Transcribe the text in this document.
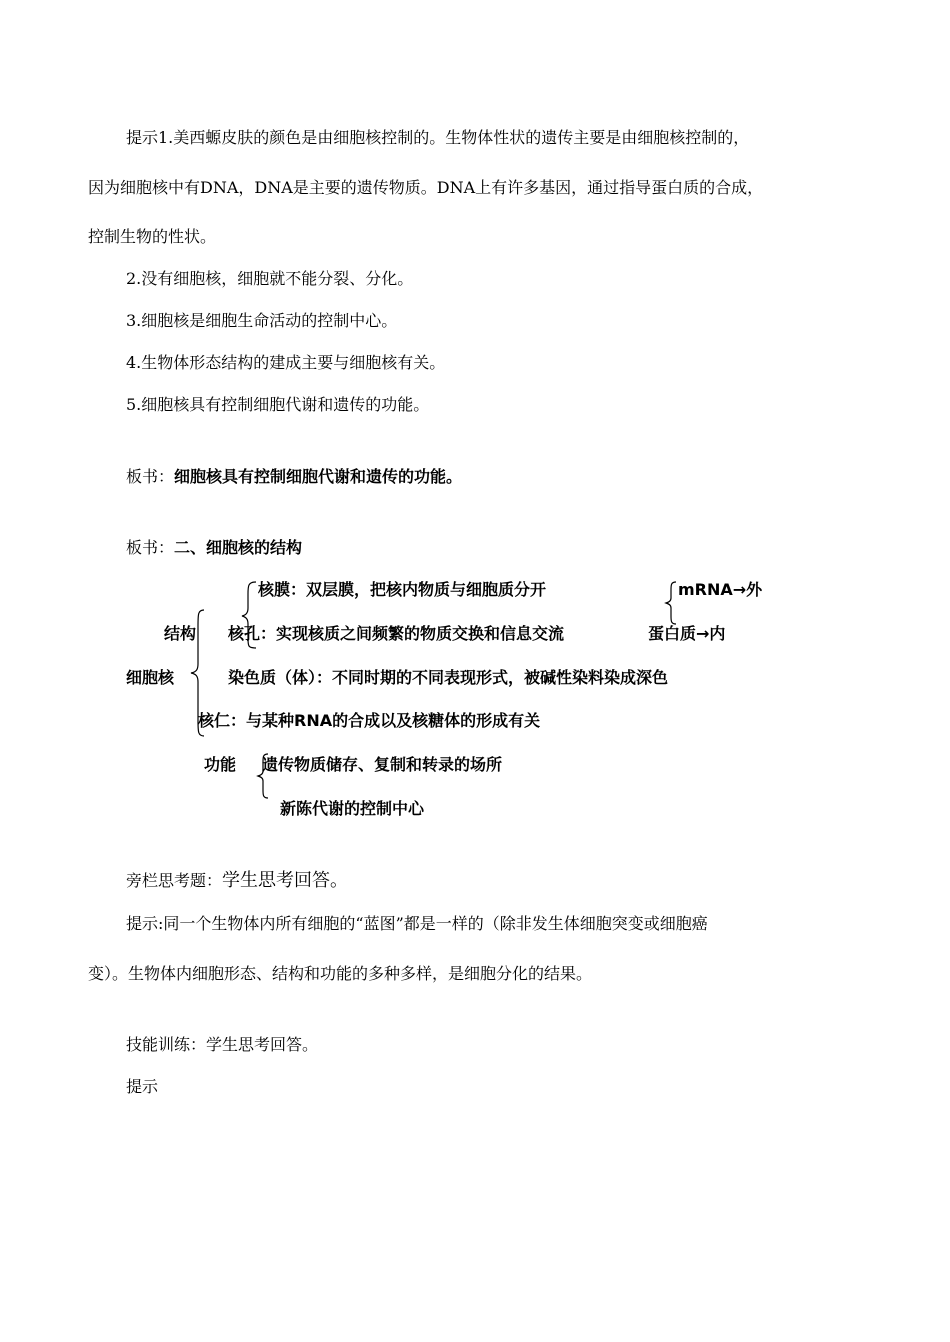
提示1.美西螈皮肤的颜色是由细胞核控制的。生物体性状的遗传主要是由细胞核控制的，
因为细胞核中有DNA，DNA是主要的遗传物质。DNA上有许多基因，通过指导蛋白质的合成，
控制生物的性状。
2.没有细胞核，细胞就不能分裂、分化。
3.细胞核是细胞生命活动的控制中心。
4.生物体形态结构的建成主要与细胞核有关。
5.细胞核具有控制细胞代谢和遗传的功能。
板书：细胞核具有控制细胞代谢和遗传的功能。
板书：二、细胞核的结构
核膜：双层膜，把核内物质与细胞质分开
结构 核孔：实现核质之间频繁的物质交换和信息交流
细胞核	染色质（体）：不同时期的不同表现形式，被碱性染料染成深色
核仁：与某种RNA的合成以及核糖体的形成有关
功能 遗传物质储存、复制和转录的场所
新陈代谢的控制中心
mRNA→外
蛋白质→内
旁栏思考题：学生思考回答。
提示:同一个生物体内所有细胞的“蓝图”都是一样的（除非发生体细胞突变或细胞癌
变）。生物体内细胞形态、结构和功能的多种多样，是细胞分化的结果。
技能训练：学生思考回答。
提示
